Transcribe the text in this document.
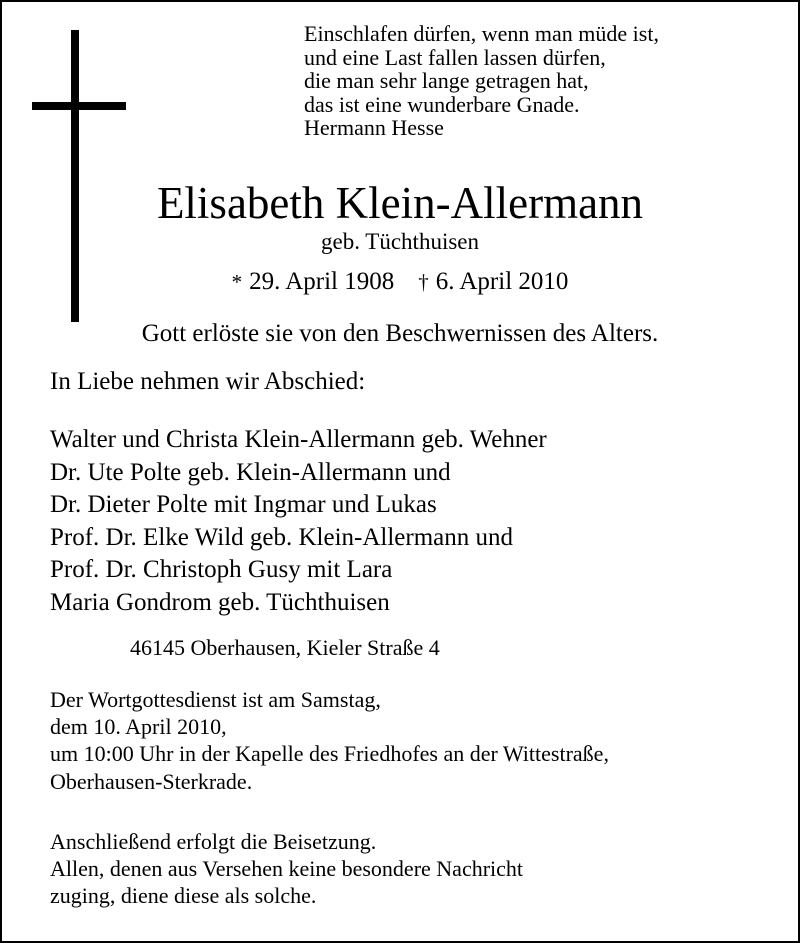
Einschlafen dürfen, wenn man müde ist,
und eine Last fallen lassen dürfen,
die man sehr lange getragen hat,
das ist eine wunderbare Gnade.
Hermann Hesse
Elisabeth Klein-Allermann
geb. Tüchthuisen
* 29. April 1908 † 6. April 2010
Gott erlöste sie von den Beschwernissen des Alters.
In Liebe nehmen wir Abschied:
Walter und Christa Klein-Allermann geb. Wehner
Dr. Ute Polte geb. Klein-Allermann und
Dr. Dieter Polte mit Ingmar und Lukas
Prof. Dr. Elke Wild geb. Klein-Allermann und
Prof. Dr. Christoph Gusy mit Lara
Maria Gondrom geb. Tüchthuisen
46145 Oberhausen, Kieler Straße 4
Der Wortgottesdienst ist am Samstag,
dem 10. April 2010,
um 10:00 Uhr in der Kapelle des Friedhofes an der Wittestraße,
Oberhausen-Sterkrade.
Anschließend erfolgt die Beisetzung.
Allen, denen aus Versehen keine besondere Nachricht
zuging, diene diese als solche.
